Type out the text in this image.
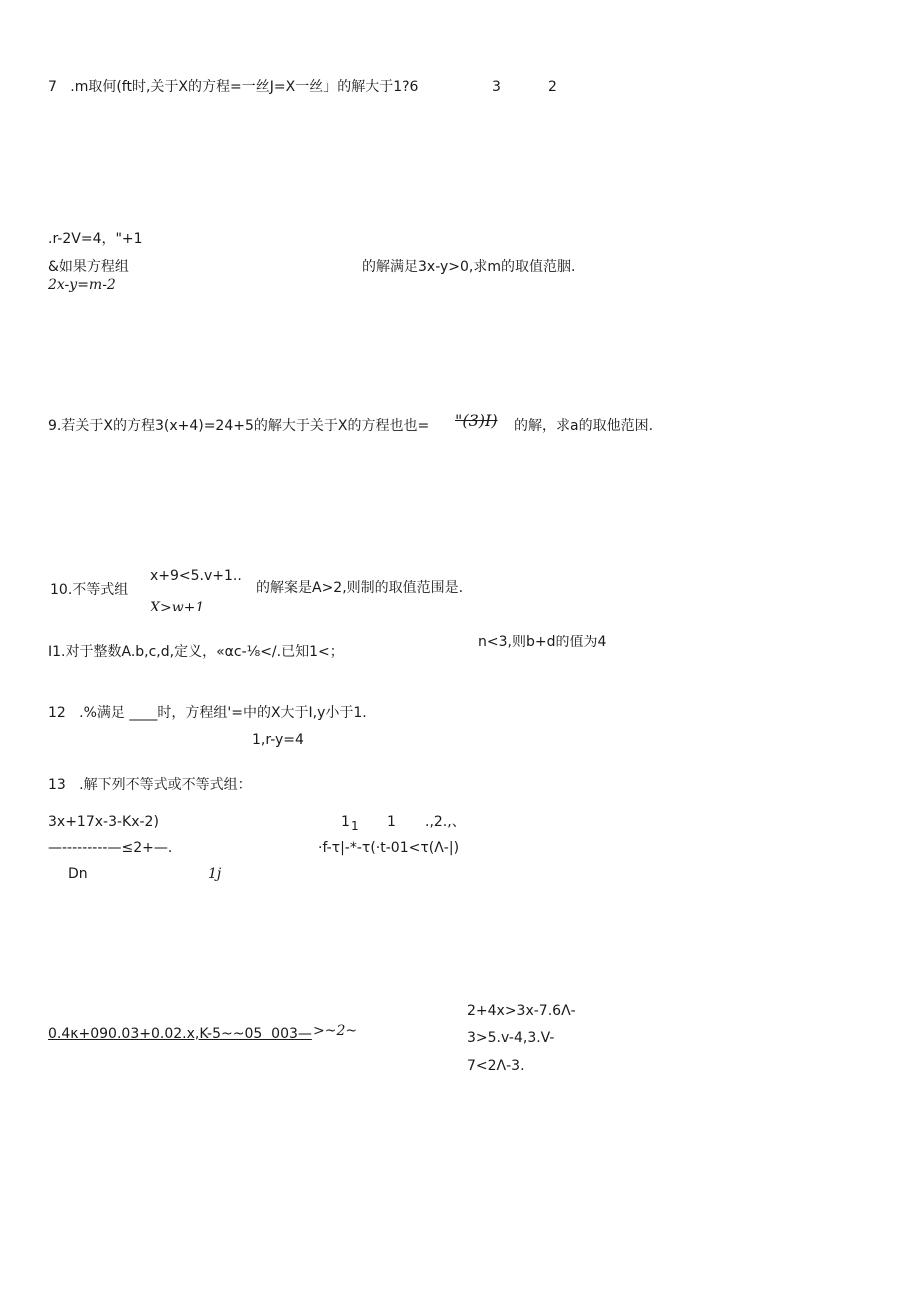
7   .m取何(ft时,关于X的方程=一丝J=X一丝」的解大于1?6	3	2
.r-2V=4，"+1
&如果方程组
2x-y=m-2
的解满足3x-y>0,求m的取值范胭.
9.若关于X的方程3(x+4)=24+5的解大于关于X的方程也也= "(3)I) 的解，求a的取他范困.
10.不等式组
x+9<5.v+1..
X>w+1
的解案是A>2,则制的取值范围是.
I1.对于整数A.b,c,d,定义，«αc-⅛</.已知1<；
n<3,则b+d的值为4
12   .%满足 ____时，方程组'=中的X大于I,y小于1.
1,r-y=4
13   .解下列不等式或不等式组：
3x+17x-3-Kx-2)
—---------—≤2+—.
Dn	1j
1 1 1 .,2.,、
·f-τ|-*-τ(·t-01<τ(Λ-|)
0.4κ+090.03+0.02.x,K-5~~05  003— >~2~
2+4x>3x-7.6Λ-
3>5.v-4,3.V-
7<2Λ-3.
